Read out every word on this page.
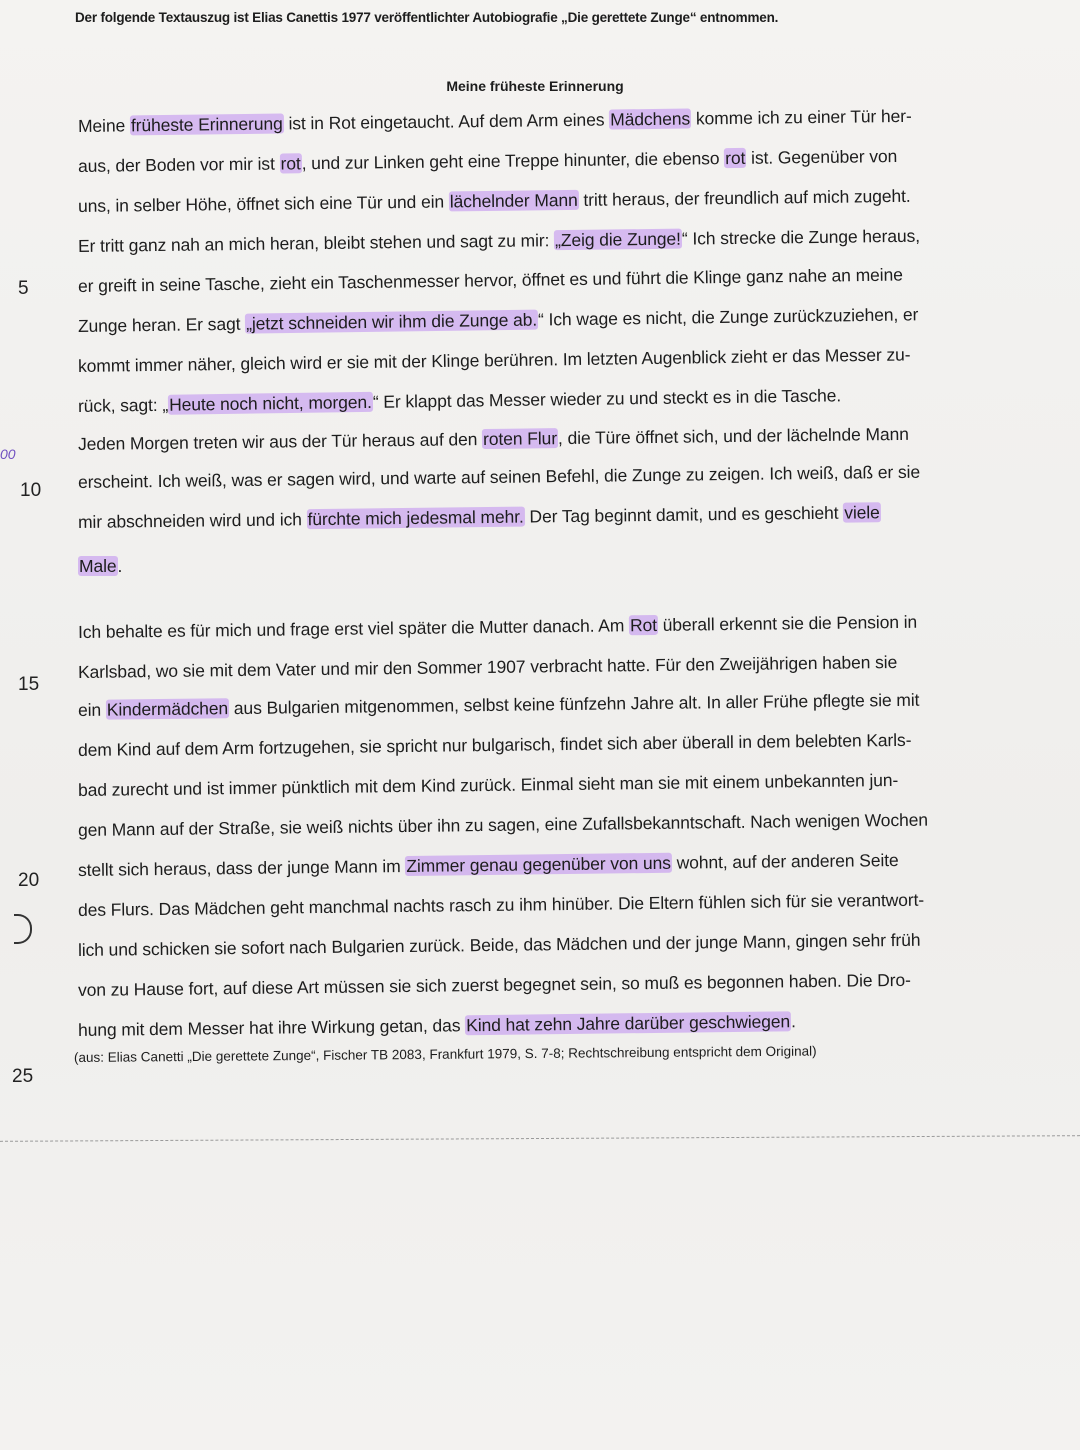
Der folgende Textauszug ist Elias Canettis 1977 veröffentlichter Autobiografie „Die gerettete Zunge“ entnommen.
Meine früheste Erinnerung
Meine früheste Erinnerung ist in Rot eingetaucht. Auf dem Arm eines Mädchens komme ich zu einer Tür her-
aus, der Boden vor mir ist rot, und zur Linken geht eine Treppe hinunter, die ebenso rot ist. Gegenüber von
uns, in selber Höhe, öffnet sich eine Tür und ein lächelnder Mann tritt heraus, der freundlich auf mich zugeht.
Er tritt ganz nah an mich heran, bleibt stehen und sagt zu mir: „Zeig die Zunge!“ Ich strecke die Zunge heraus,
er greift in seine Tasche, zieht ein Taschenmesser hervor, öffnet es und führt die Klinge ganz nahe an meine
Zunge heran. Er sagt „jetzt schneiden wir ihm die Zunge ab.“ Ich wage es nicht, die Zunge zurückzuziehen, er
kommt immer näher, gleich wird er sie mit der Klinge berühren. Im letzten Augenblick zieht er das Messer zu-
rück, sagt: „Heute noch nicht, morgen.“ Er klappt das Messer wieder zu und steckt es in die Tasche.
Jeden Morgen treten wir aus der Tür heraus auf den roten Flur, die Türe öffnet sich, und der lächelnde Mann
erscheint. Ich weiß, was er sagen wird, und warte auf seinen Befehl, die Zunge zu zeigen. Ich weiß, daß er sie
mir abschneiden wird und ich fürchte mich jedesmal mehr. Der Tag beginnt damit, und es geschieht viele
Male.
Ich behalte es für mich und frage erst viel später die Mutter danach. Am Rot überall erkennt sie die Pension in
Karlsbad, wo sie mit dem Vater und mir den Sommer 1907 verbracht hatte. Für den Zweijährigen haben sie
ein Kindermädchen aus Bulgarien mitgenommen, selbst keine fünfzehn Jahre alt. In aller Frühe pflegte sie mit
dem Kind auf dem Arm fortzugehen, sie spricht nur bulgarisch, findet sich aber überall in dem belebten Karls-
bad zurecht und ist immer pünktlich mit dem Kind zurück. Einmal sieht man sie mit einem unbekannten jun-
gen Mann auf der Straße, sie weiß nichts über ihn zu sagen, eine Zufallsbekanntschaft. Nach wenigen Wochen
stellt sich heraus, dass der junge Mann im Zimmer genau gegenüber von uns wohnt, auf der anderen Seite
des Flurs. Das Mädchen geht manchmal nachts rasch zu ihm hinüber. Die Eltern fühlen sich für sie verantwort-
lich und schicken sie sofort nach Bulgarien zurück. Beide, das Mädchen und der junge Mann, gingen sehr früh
von zu Hause fort, auf diese Art müssen sie sich zuerst begegnet sein, so muß es begonnen haben. Die Dro-
hung mit dem Messer hat ihre Wirkung getan, das Kind hat zehn Jahre darüber geschwiegen.
5
10
15
20
25
00
(aus: Elias Canetti „Die gerettete Zunge“, Fischer TB 2083, Frankfurt 1979, S. 7-8; Rechtschreibung entspricht dem Original)
